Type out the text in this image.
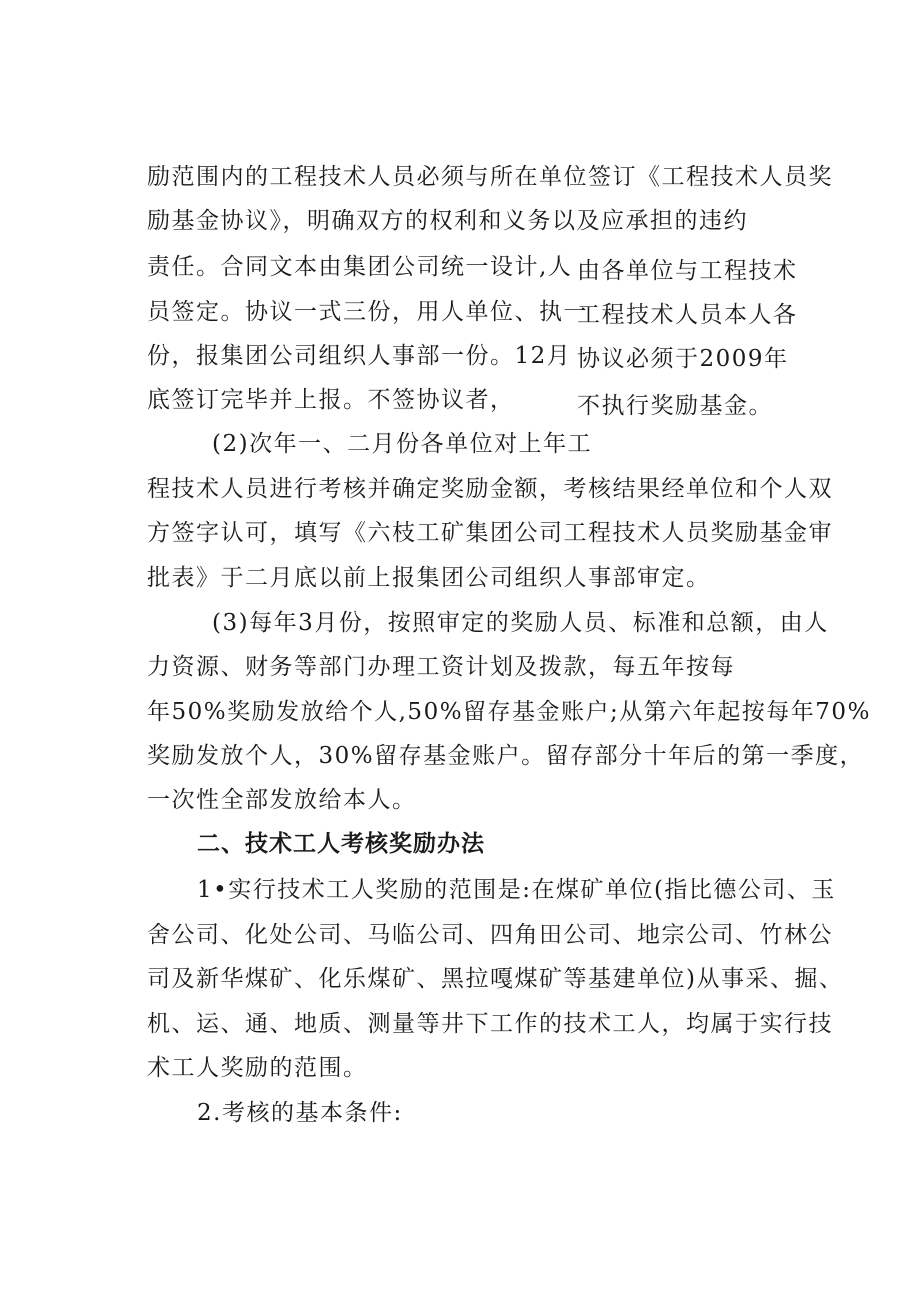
励范围内的工程技术人员必须与所在单位签订《工程技术人员奖
励基金协议》，明确双方的权利和义务以及应承担的违约
责任。合同文本由集团公司统一设计,人
员签定。协议一式三份，用人单位、执一
份，报集团公司组织人事部一份。12月
底签订完毕并上报。不签协议者，
由各单位与工程技术
工程技术人员本人各
协议必须于2009年
不执行奖励基金。
(2)次年一、二月份各单位对上年工
程技术人员进行考核并确定奖励金额，考核结果经单位和个人双
方签字认可，填写《六枝工矿集团公司工程技术人员奖励基金审
批表》于二月底以前上报集团公司组织人事部审定。
(3)每年3月份，按照审定的奖励人员、标准和总额，由人
力资源、财务等部门办理工资计划及拨款，每五年按每
年50%奖励发放给个人,50%留存基金账户;从第六年起按每年70%
奖励发放个人，30%留存基金账户。留存部分十年后的第一季度，
一次性全部发放给本人。
二、技术工人考核奖励办法
1•实行技术工人奖励的范围是:在煤矿单位(指比德公司、玉
舍公司、化处公司、马临公司、四角田公司、地宗公司、竹林公
司及新华煤矿、化乐煤矿、黑拉嘎煤矿等基建单位)从事采、掘、
机、运、通、地质、测量等井下工作的技术工人，均属于实行技
术工人奖励的范围。
2.考核的基本条件:
